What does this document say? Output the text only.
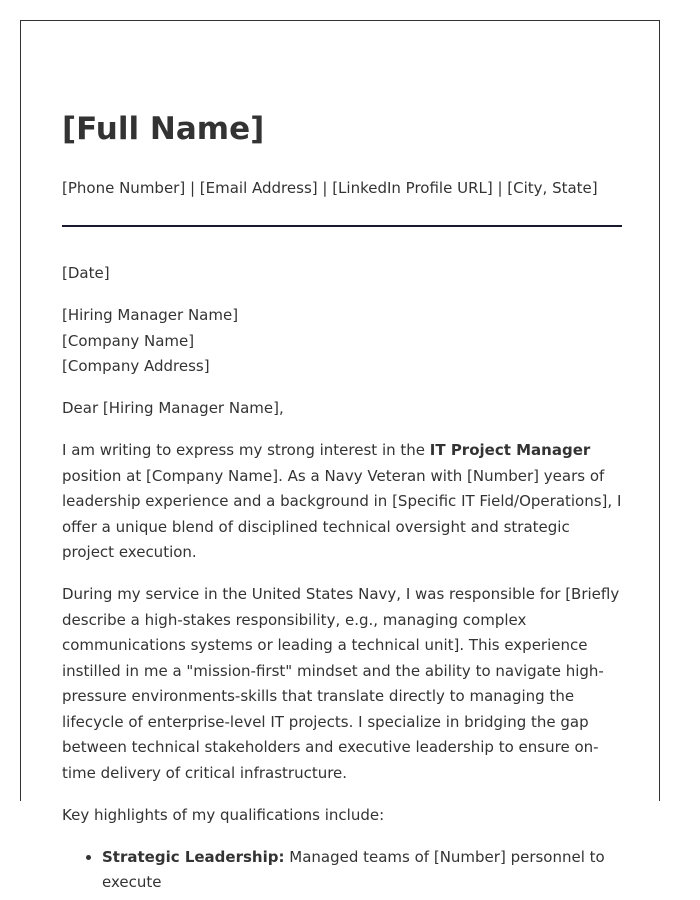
[Full Name]

[Phone Number] | [Email Address] | [LinkedIn Profile URL] | [City, State]

[Date]

[Hiring Manager Name]
[Company Name]
[Company Address]

Dear [Hiring Manager Name],

I am writing to express my strong interest in the IT Project Manager position at [Company Name]. As a Navy Veteran with [Number] years of leadership experience and a background in [Specific IT Field/Operations], I offer a unique blend of disciplined technical oversight and strategic project execution.

During my service in the United States Navy, I was responsible for [Briefly describe a high-stakes responsibility, e.g., managing complex communications systems or leading a technical unit]. This experience instilled in me a "mission-first" mindset and the ability to navigate high-pressure environments-skills that translate directly to managing the lifecycle of enterprise-level IT projects. I specialize in bridging the gap between technical stakeholders and executive leadership to ensure on-time delivery of critical infrastructure.

Key highlights of my qualifications include:

• Strategic Leadership: Managed teams of [Number] personnel to execute
